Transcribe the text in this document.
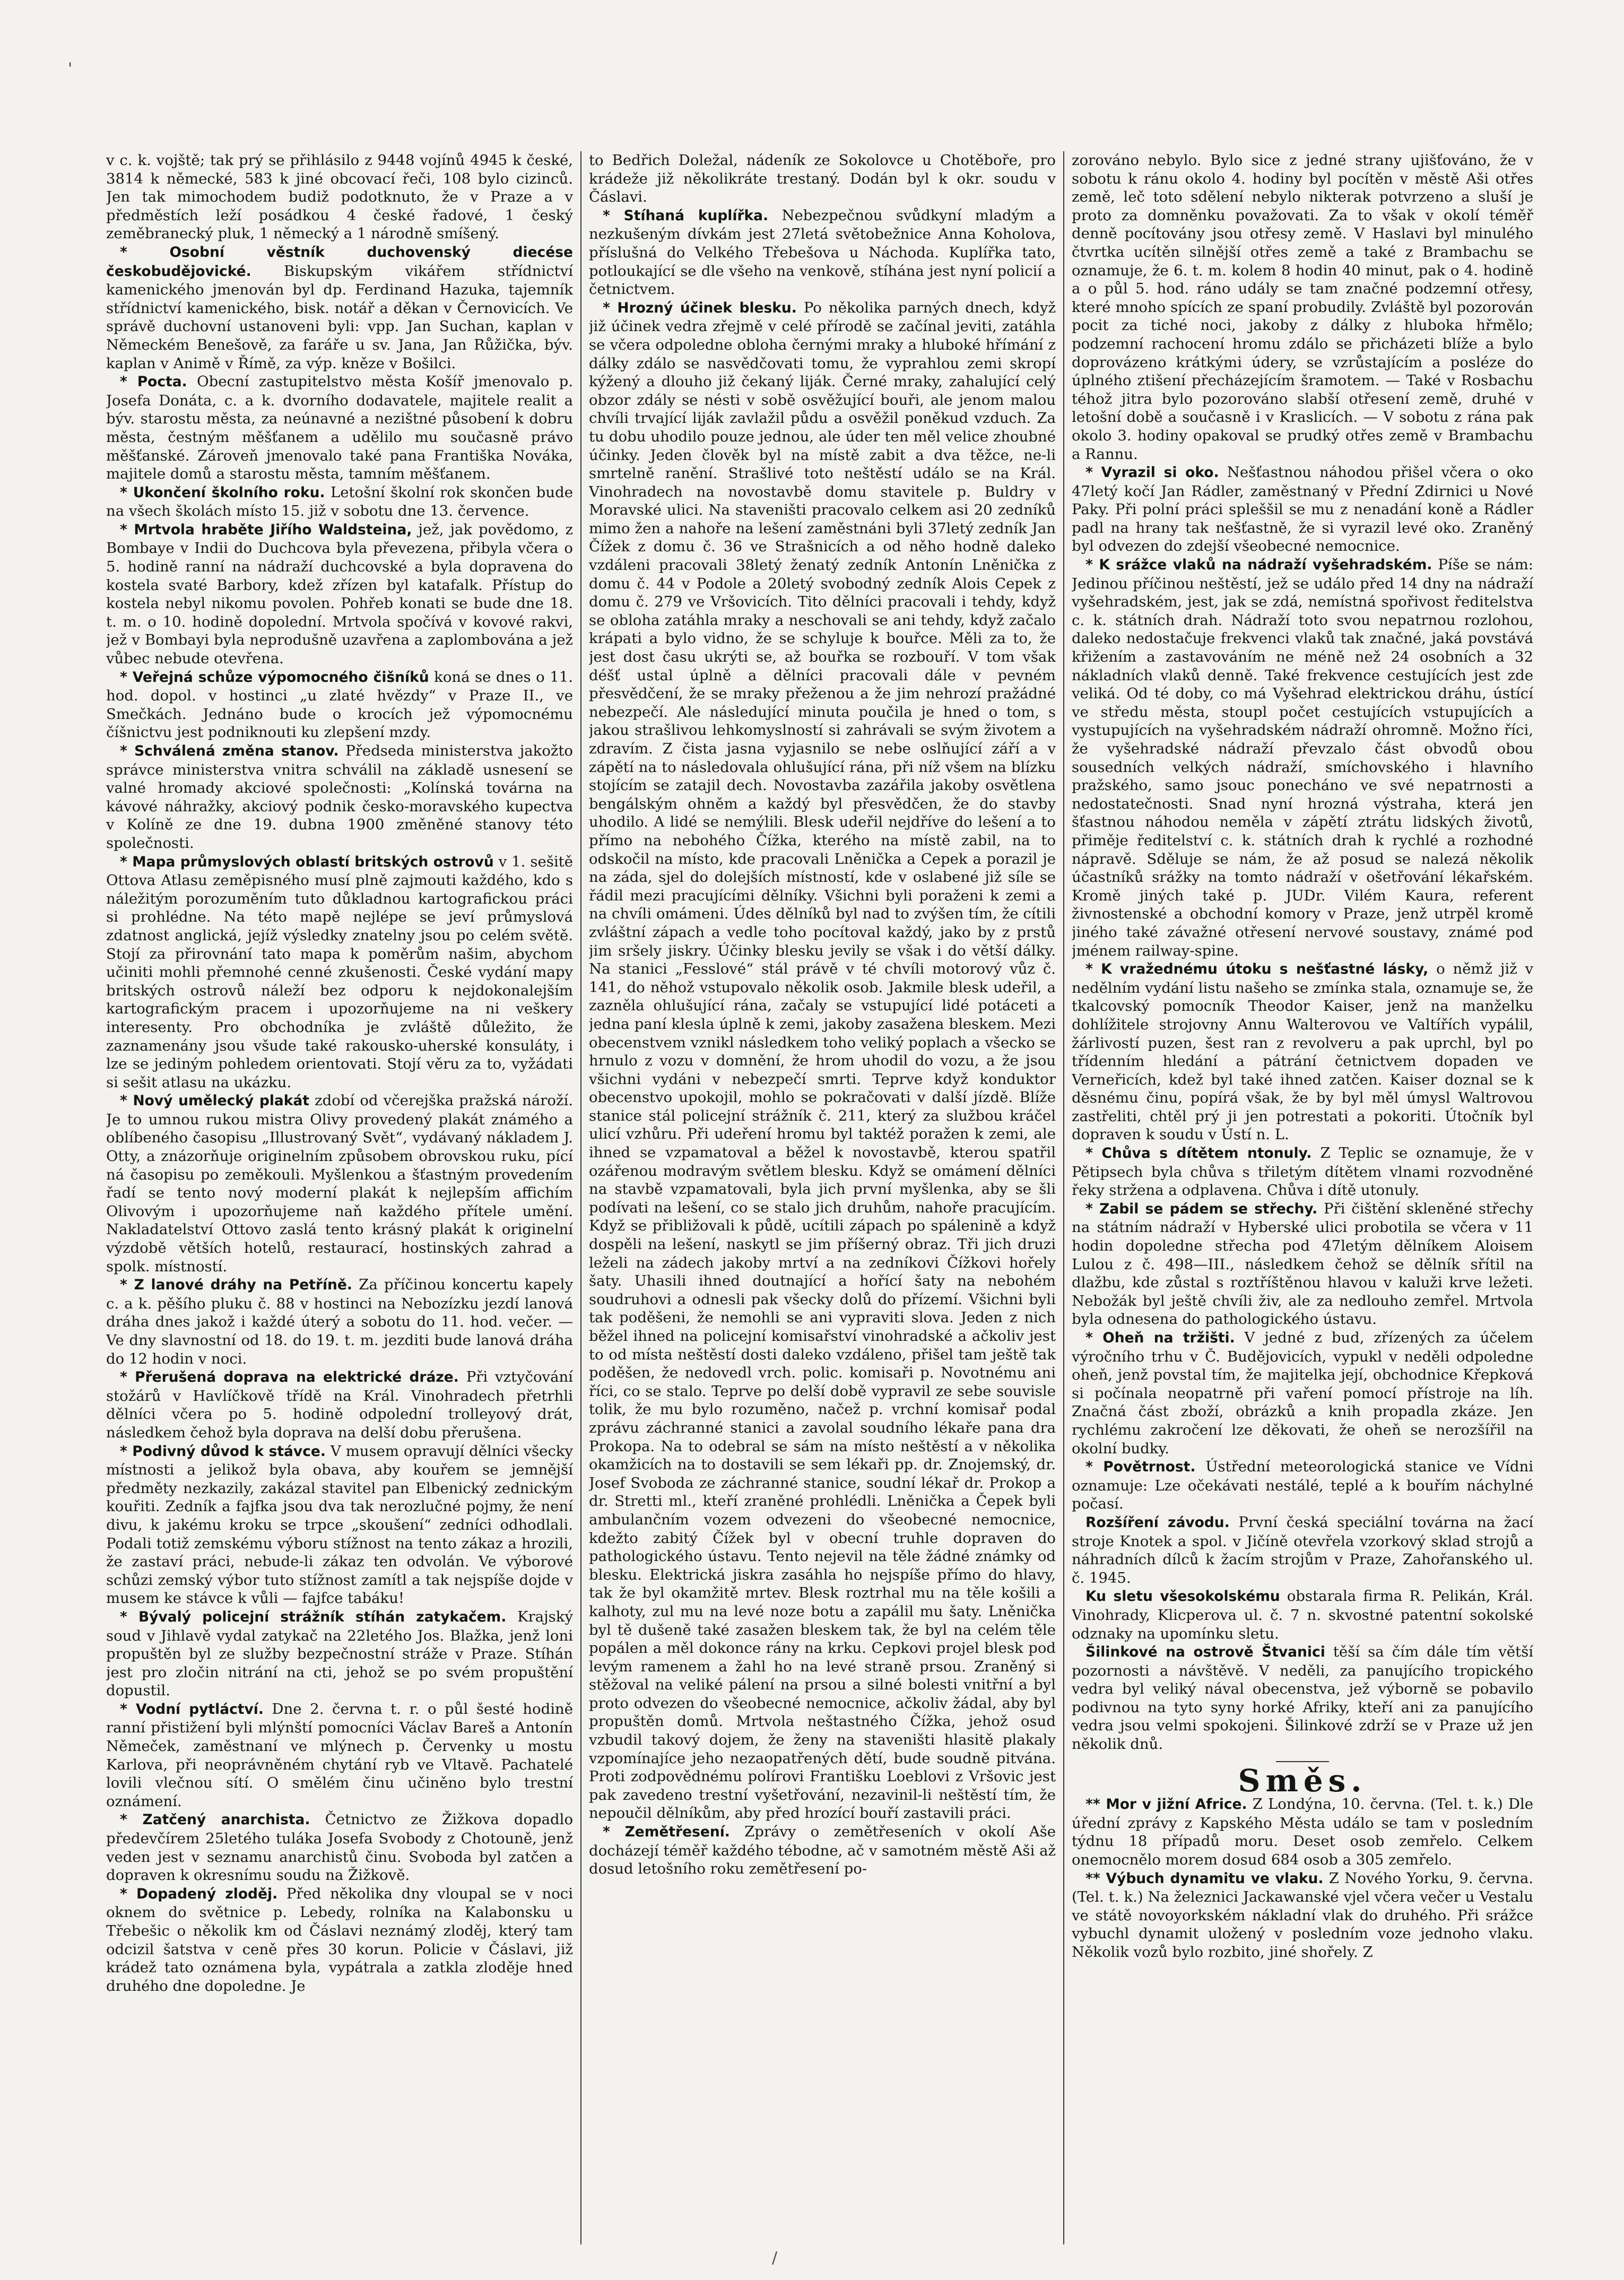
'

v c. k. vojště; tak prý se přihlásilo z 9448 vojínů 4945 k české, 3814 k německé, 583 k jiné obcovací řeči, 108 bylo cizinců. Jen tak mimochodem budiž podotknuto, že v Praze a v předměstích leží posádkou 4 české řadové, 1 český zeměbranecký pluk, 1 německý a 1 národně smíšený.

* Osobní věstník duchovenský diecése českobudějovické. Biskupským vikářem střídnictví kamenického jmenován byl dp. Ferdinand Hazuka, tajemník střídnictví kamenického, bisk. notář a děkan v Černovicích. Ve správě duchovní ustanoveni byli: vpp. Jan Suchan, kaplan v Německém Benešově, za faráře u sv. Jana, Jan Růžička, býv. kaplan v Animě v Římě, za výp. kněze v Bošilci.

* Pocta. Obecní zastupitelstvo města Košíř jmenovalo p. Josefa Donáta, c. a k. dvorního dodavatele, majitele realit a býv. starostu města, za neúnavné a nezištné působení k dobru města, čestným měšťanem a udělilo mu současně právo měšťanské. Zároveň jmenovalo také pana Františka Nováka, majitele domů a starostu města, tamním měšťanem.

* Ukončení školního roku. Letošní školní rok skončen bude na všech školách místo 15. již v sobotu dne 13. července.

* Mrtvola hraběte Jiřího Waldsteina, jež, jak povědomo, z Bombaye v Indii do Duchcova byla převezena, přibyla včera o 5. hodině ranní na nádraží duchcovské a byla dopravena do kostela svaté Barbory, kdež zřízen byl katafalk. Přístup do kostela nebyl nikomu povolen. Pohřeb konati se bude dne 18. t. m. o 10. hodině dopolední. Mrtvola spočívá v kovové rakvi, jež v Bombayi byla neprodušně uzavřena a zaplombována a jež vůbec nebude otevřena.

* Veřejná schůze výpomocného čišníků koná se dnes o 11. hod. dopol. v hostinci „u zlaté hvězdy“ v Praze II., ve Smečkách. Jednáno bude o krocích jež výpomocnému číšnictvu jest podniknouti ku zlepšení mzdy.

* Schválená změna stanov. Předseda ministerstva jakožto správce ministerstva vnitra schválil na základě usnesení se valné hromady akciové společnosti: „Kolínská továrna na kávové náhražky, akciový podnik česko-moravského kupectva v Kolíně ze dne 19. dubna 1900 změněné stanovy této společnosti.

* Mapa průmyslových oblastí britských ostrovů v 1. sešitě Ottova Atlasu zeměpisného musí plně zajmouti každého, kdo s náležitým porozuměním tuto důkladnou kartografickou práci si prohlédne. Na této mapě nejlépe se jeví průmyslová zdatnost anglická, jejíž výsledky znatelny jsou po celém světě. Stojí za přirovnání tato mapa k poměrům našim, abychom učiniti mohli přemnohé cenné zkušenosti. České vydání mapy britských ostrovů náleží bez odporu k nejdokonalejším kartografickým pracem i upozorňujeme na ni veškery interesenty. Pro obchodníka je zvláště důležito, že zaznamenány jsou všude také rakousko-uherské konsuláty, i lze se jediným pohledem orientovati. Stojí věru za to, vyžádati si sešit atlasu na ukázku.

* Nový umělecký plakát zdobí od včerejška pražská nároží. Je to umnou rukou mistra Olivy provedený plakát známého a oblíbeného časopisu „Illustrovaný Svět“, vydávaný nákladem J. Otty, a znázorňuje originelním způsobem obrovskou ruku, pící ná časopisu po zeměkouli. Myšlenkou a šťastným provedením řadí se tento nový moderní plakát k nejlepším affichím Olivovým i upozorňujeme naň každého přítele umění. Nakladatelství Ottovo zaslá tento krásný plakát k originelní výzdobě větších hotelů, restaurací, hostinských zahrad a spolk. místností.

* Z lanové dráhy na Petříně. Za příčinou koncertu kapely c. a k. pěšího pluku č. 88 v hostinci na Nebozízku jezdí lanová dráha dnes jakož i každé úterý a sobotu do 11. hod. večer. — Ve dny slavnostní od 18. do 19. t. m. jezditi bude lanová dráha do 12 hodin v noci.

* Přerušená doprava na elektrické dráze. Při vztyčování stožárů v Havlíčkově třídě na Král. Vinohradech přetrhli dělníci včera po 5. hodině odpolední trolleyový drát, následkem čehož byla doprava na delší dobu přerušena.

* Podivný důvod k stávce. V musem opravují dělníci všecky místnosti a jelikož byla obava, aby kouřem se jemnější předměty nezkazily, zakázal stavitel pan Elbenický zednickým kouřiti. Zedník a fajfka jsou dva tak nerozlučné pojmy, že není divu, k jakému kroku se trpce „skoušení“ zedníci odhodlali. Podali totiž zemskému výboru stížnost na tento zákaz a hrozili, že zastaví práci, nebude-li zákaz ten odvolán. Ve výborové schůzi zemský výbor tuto stížnost zamítl a tak nejspíše dojde v musem ke stávce k vůli — fajfce tabáku!

* Bývalý policejní strážník stíhán zatykačem. Krajský soud v Jihlavě vydal zatykač na 22letého Jos. Blažka, jenž loni propuštěn byl ze služby bezpečnostní stráže v Praze. Stíhán jest pro zločin nitrání na cti, jehož se po svém propuštění dopustil.

* Vodní pytláctví. Dne 2. června t. r. o půl šesté hodině ranní přistižení byli mlýnští pomocníci Václav Bareš a Antonín Němeček, zaměstnaní ve mlýnech p. Červenky u mostu Karlova, při neoprávněném chytání ryb ve Vltavě. Pachatelé lovili vlečnou sítí. O smělém činu učiněno bylo trestní oznámení.

* Zatčený anarchista. Četnictvo ze Žižkova dopadlo předevčírem 25letého tuláka Josefa Svobody z Chotouně, jenž veden jest v seznamu anarchistů činu. Svoboda byl zatčen a dopraven k okresnímu soudu na Žižkově.

* Dopadený zloděj. Před několika dny vloupal se v noci oknem do světnice p. Lebedy, rolníka na Kalabonsku u Třebešic o několik km od Čáslavi neznámý zloděj, který tam odcizil šatstva v ceně přes 30 korun. Policie v Čáslavi, již krádež tato oznámena byla, vypátrala a zatkla zloděje hned druhého dne dopoledne. Je

to Bedřich Doležal, nádeník ze Sokolovce u Chotěboře, pro krádeže již několikráte trestaný. Dodán byl k okr. soudu v Čáslavi.

* Stíhaná kuplířka. Nebezpečnou svůdkyní mladým a nezkušeným dívkám jest 27letá světobežnice Anna Koholova, příslušná do Velkého Třebešova u Náchoda. Kuplířka tato, potloukající se dle všeho na venkově, stíhána jest nyní policií a četnictvem.

* Hrozný účinek blesku. Po několika parných dnech, když již účinek vedra zřejmě v celé přírodě se začínal jeviti, zatáhla se včera odpoledne obloha černými mraky a hluboké hřímání z dálky zdálo se nasvědčovati tomu, že vyprahlou zemi skropí kýžený a dlouho již čekaný liják. Černé mraky, zahalující celý obzor zdály se nésti v sobě osvěžující bouři, ale jenom malou chvíli trvající liják zavlažil půdu a osvěžil poněkud vzduch. Za tu dobu uhodilo pouze jednou, ale úder ten měl velice zhoubné účinky. Jeden člověk byl na místě zabit a dva těžce, ne-li smrtelně ranění. Strašlivé toto neštěstí událo se na Král. Vinohradech na novostavbě domu stavitele p. Buldry v Moravské ulici. Na staveništi pracovalo celkem asi 20 zedníků mimo žen a nahoře na lešení zaměstnáni byli 37letý zedník Jan Čížek z domu č. 36 ve Strašnicích a od něho hodně daleko vzdáleni pracovali 38letý ženatý zedník Antonín Lněnička z domu č. 44 v Podole a 20letý svobodný zedník Alois Cepek z domu č. 279 ve Vršovicích. Tito dělníci pracovali i tehdy, když se obloha zatáhla mraky a neschovali se ani tehdy, když začalo krápati a bylo vidno, že se schyluje k bouřce. Měli za to, že jest dost času ukrýti se, až bouřka se rozbouří. V tom však déšť ustal úplně a dělníci pracovali dále v pevném přesvědčení, že se mraky přeženou a že jim nehrozí pražádné nebezpečí. Ale následující minuta poučila je hned o tom, s jakou strašlivou lehkomyslností si zahrávali se svým životem a zdravím. Z čista jasna vyjasnilo se nebe oslňující září a v zápětí na to následovala ohlušující rána, při níž všem na blízku stojícím se zatajil dech. Novostavba zazářila jakoby osvětlena bengálským ohněm a každý byl přesvědčen, že do stavby uhodilo. A lidé se nemýlili. Blesk udeřil nejdříve do lešení a to přímo na nebohého Čížka, kterého na místě zabil, na to odskočil na místo, kde pracovali Lněnička a Cepek a porazil je na záda, sjel do dolejších místností, kde v oslabené již síle se řádil mezi pracujícími dělníky. Všichni byli poraženi k zemi a na chvíli omámeni. Údes dělníků byl nad to zvýšen tím, že cítili zvláštní zápach a vedle toho pocítoval každý, jako by z prstů jim sršely jiskry. Účinky blesku jevily se však i do větší dálky. Na stanici „Fesslové“ stál právě v té chvíli motorový vůz č. 141, do něhož vstupovalo několik osob. Jakmile blesk udeřil, a zazněla ohlušující rána, začaly se vstupující lidé potáceti a jedna paní klesla úplně k zemi, jakoby zasažena bleskem. Mezi obecenstvem vznikl následkem toho veliký poplach a všecko se hrnulo z vozu v domnění, že hrom uhodil do vozu, a že jsou všichni vydáni v nebezpečí smrti. Teprve když konduktor obecenstvo upokojil, mohlo se pokračovati v další jízdě. Blíže stanice stál policejní strážník č. 211, který za službou kráčel ulicí vzhůru. Při udeření hromu byl taktéž poražen k zemi, ale ihned se vzpamatoval a běžel k novostavbě, kterou spatřil ozářenou modravým světlem blesku. Když se omámení dělníci na stavbě vzpamatovali, byla jich první myšlenka, aby se šli podívati na lešení, co se stalo jich druhům, nahoře pracujícím. Když se přibližovali k půdě, ucítili zápach po spálenině a když dospěli na lešení, naskytl se jim příšerný obraz. Tři jich druzi leželi na zádech jakoby mrtví a na zedníkovi Čížkovi hořely šaty. Uhasili ihned doutnající a hořící šaty na nebohém soudruhovi a odnesli pak všecky dolů do přízemí. Všichni byli tak poděšeni, že nemohli se ani vypraviti slova. Jeden z nich běžel ihned na policejní komisařství vinohradské a ačkoliv jest to od místa neštěstí dosti daleko vzdáleno, přišel tam ještě tak poděšen, že nedovedl vrch. polic. komisaři p. Novotnému ani říci, co se stalo. Teprve po delší době vypravil ze sebe souvisle tolik, že mu bylo rozuměno, načež p. vrchní komisař podal zprávu záchranné stanici a zavolal soudního lékaře pana dra Prokopa. Na to odebral se sám na místo neštěstí a v několika okamžicích na to dostavili se sem lékaři pp. dr. Znojemský, dr. Josef Svoboda ze záchranné stanice, soudní lékař dr. Prokop a dr. Stretti ml., kteří zraněné prohlédli. Lněnička a Čepek byli ambulančním vozem odvezeni do všeobecné nemocnice, kdežto zabitý Čížek byl v obecní truhle dopraven do pathologického ústavu. Tento nejevil na těle žádné známky od blesku. Elektrická jiskra zasáhla ho nejspíše přímo do hlavy, tak že byl okamžitě mrtev. Blesk roztrhal mu na těle košili a kalhoty, zul mu na levé noze botu a zapálil mu šaty. Lněnička byl tě dušeně také zasažen bleskem tak, že byl na celém těle popálen a měl dokonce rány na krku. Cepkovi projel blesk pod levým ramenem a žahl ho na levé straně prsou. Zraněný si stěžoval na veliké pálení na prsou a silné bolesti vnitřní a byl proto odvezen do všeobecné nemocnice, ačkoliv žádal, aby byl propuštěn domů. Mrtvola neštastného Čížka, jehož osud vzbudil takový dojem, že ženy na staveništi hlasitě plakaly vzpomínajíce jeho nezaopatřených dětí, bude soudně pitvána. Proti zodpovědnému polírovi Františku Loeblovi z Vršovic jest pak zavedeno trestní vyšetřování, nezavinil-li neštěstí tím, že nepoučil dělníkům, aby před hrozící bouří zastavili práci.

* Zemětřesení. Zprávy o zemětřeseních v okolí Aše docházejí téměř každého tébodne, ač v samotném městě Aši až dosud letošního roku zemětřesení po-

zorováno nebylo. Bylo sice z jedné strany ujišťováno, že v sobotu k ránu okolo 4. hodiny byl pocítěn v městě Aši otřes země, leč toto sdělení nebylo nikterak potvrzeno a sluší je proto za domněnku považovati. Za to však v okolí téměř denně pocítovány jsou otřesy země. V Haslavi byl minulého čtvrtka ucítěn silnější otřes země a také z Brambachu se oznamuje, že 6. t. m. kolem 8 hodin 40 minut, pak o 4. hodině a o půl 5. hod. ráno udály se tam značné podzemní otřesy, které mnoho spících ze spaní probudily. Zvláště byl pozorován pocit za tiché noci, jakoby z dálky z hluboka hřmělo; podzemní rachocení hromu zdálo se přicházeti blíže a bylo doprovázeno krátkými údery, se vzrůstajícím a posléze do úplného ztišení přecházejícím šramotem. — Také v Rosbachu téhož jitra bylo pozorováno slabší otřesení země, druhé v letošní době a současně i v Kraslicích. — V sobotu z rána pak okolo 3. hodiny opakoval se prudký otřes země v Brambachu a Rannu.

* Vyrazil si oko. Nešťastnou náhodou přišel včera o oko 47letý kočí Jan Rádler, zaměstnaný v Přední Zdirnici u Nové Paky. Při polní práci spleššil se mu z nenadání koně a Rádler padl na hrany tak nešťastně, že si vyrazil levé oko. Zraněný byl odvezen do zdejší všeobecné nemocnice.

* K srážce vlaků na nádraží vyšehradském. Píše se nám: Jedinou příčinou neštěstí, jež se událo před 14 dny na nádraží vyšehradském, jest, jak se zdá, nemístná spořivost ředitelstva c. k. státních drah. Nádraží toto svou nepatrnou rozlohou, daleko nedostačuje frekvenci vlaků tak značné, jaká povstává křižením a zastavováním ne méně než 24 osobních a 32 nákladních vlaků denně. Také frekvence cestujících jest zde veliká. Od té doby, co má Vyšehrad elektrickou dráhu, ústící ve středu města, stoupl počet cestujících vstupujících a vystupujících na vyšehradském nádraží ohromně. Možno říci, že vyšehradské nádraží převzalo část obvodů obou sousedních velkých nádraží, smíchovského i hlavního pražského, samo jsouc ponecháno ve své nepatrnosti a nedostatečnosti. Snad nyní hrozná výstraha, která jen šťastnou náhodou neměla v zápětí ztrátu lidských životů, přiměje ředitelství c. k. státních drah k rychlé a rozhodné nápravě. Sděluje se nám, že až posud se nalezá několik účastníků srážky na tomto nádraží v ošetřování lékařském. Kromě jiných také p. JUDr. Vilém Kaura, referent živnostenské a obchodní komory v Praze, jenž utrpěl kromě jiného také závažné otřesení nervové soustavy, známé pod jménem railway-spine.

* K vražednému útoku s nešťastné lásky, o němž již v nedělním vydání listu našeho se zmínka stala, oznamuje se, že tkalcovský pomocník Theodor Kaiser, jenž na manželku dohlížitele strojovny Annu Walterovou ve Valtířích vypálil, žárlivostí puzen, šest ran z revolveru a pak uprchl, byl po třídenním hledání a pátrání četnictvem dopaden ve Verneřicích, kdež byl také ihned zatčen. Kaiser doznal se k děsnému činu, popírá však, že by byl měl úmysl Waltrovou zastřeliti, chtěl prý ji jen potrestati a pokoriti. Útočník byl dopraven k soudu v Ústí n. L.

* Chůva s dítětem ntonuly. Z Teplic se oznamuje, že v Pětipsech byla chůva s třiletým dítětem vlnami rozvodněné řeky stržena a odplavena. Chůva i dítě utonuly.

* Zabil se pádem se střechy. Při čištění skleněné střechy na státním nádraží v Hyberské ulici probotila se včera v 11 hodin dopoledne střecha pod 47letým dělníkem Aloisem Lulou z č. 498—III., následkem čehož se dělník sřítil na dlažbu, kde zůstal s roztříštěnou hlavou v kaluži krve ležeti. Nebožák byl ještě chvíli živ, ale za nedlouho zemřel. Mrtvola byla odnesena do pathologického ústavu.

* Oheň na tržišti. V jedné z bud, zřízených za účelem výročního trhu v Č. Budějovicích, vypukl v neděli odpoledne oheň, jenž povstal tím, že majitelka její, obchodnice Křepková si počínala neopatrně při vaření pomocí přístroje na líh. Značná část zboží, obrázků a knih propadla zkáze. Jen rychlému zakročení lze děkovati, že oheň se nerozšířil na okolní budky.

* Povětrnost. Ústřední meteorologická stanice ve Vídni oznamuje: Lze očekávati nestálé, teplé a k bouřím náchylné počasí.

Rozšíření závodu. První česká speciální továrna na žací stroje Knotek a spol. v Jičíně otevřela vzorkový sklad strojů a náhradních dílců k žacím strojům v Praze, Zahořanského ul. č. 1945.

Ku sletu všesokolskému obstarala firma R. Pelikán, Král. Vinohrady, Klicperova ul. č. 7 n. skvostné patentní sokolské odznaky na upomínku sletu.

Šilinkové na ostrově Štvanici těší sa čím dále tím větší pozornosti a návštěvě. V neděli, za panujícího tropického vedra byl veliký nával obecenstva, jež výborně se pobavilo podivnou na tyto syny horké Afriky, kteří ani za panujícího vedra jsou velmi spokojeni. Šilinkové zdrží se v Praze už jen několik dnů.

Směs.

** Mor v jižní Africe. Z Londýna, 10. června. (Tel. t. k.) Dle úřední zprávy z Kapského Města událo se tam v posledním týdnu 18 případů moru. Deset osob zemřelo. Celkem onemocnělo morem dosud 684 osob a 305 zemřelo.

** Výbuch dynamitu ve vlaku. Z Nového Yorku, 9. června. (Tel. t. k.) Na železnici Jackawanské vjel včera večer u Vestalu ve státě novoyorkském nákladní vlak do druhého. Při srážce vybuchl dynamit uložený v posledním voze jednoho vlaku. Několik vozů bylo rozbito, jiné shořely. Z

/
